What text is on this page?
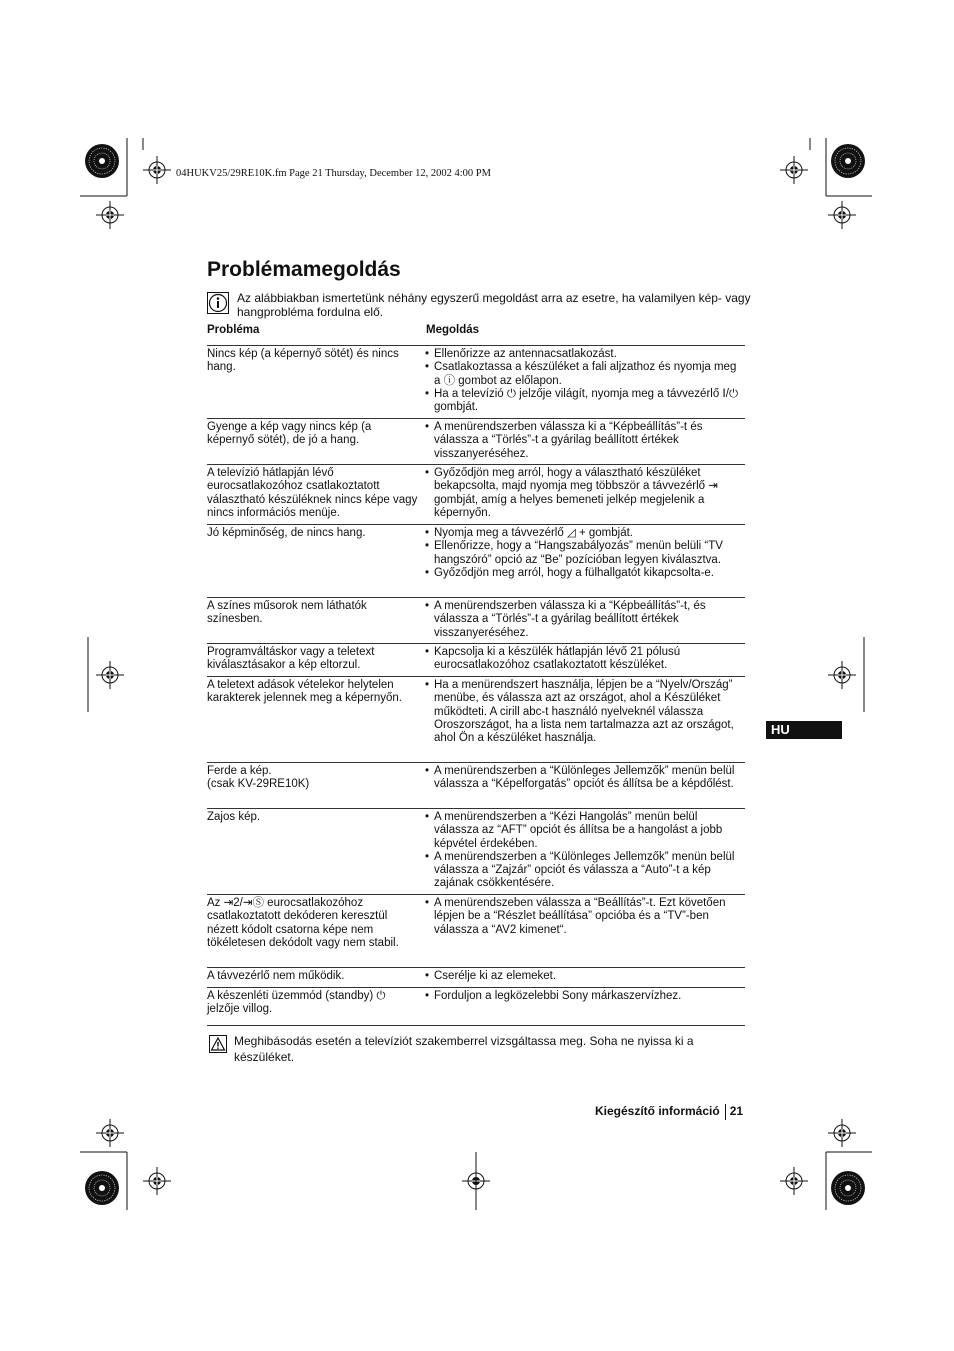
04HUKV25/29RE10K.fm Page 21 Thursday, December 12, 2002 4:00 PM
Problémamegoldás
Az alábbiakban ismertetünk néhány egyszerű megoldást arra az esetre, ha valamilyen kép- vagy hangprobléma fordulna elő.
Probléma	Megoldás
Nincs kép (a képernyő sötét) és nincs hang.
• Ellenőrizze az antennacsatlakozást.
• Csatlakoztassa a készüléket a fali aljzathoz és nyomja meg a ⓘ gombot az előlapon.
• Ha a televízió ⏻ jelzője világít, nyomja meg a távvezérlő Ⅰ/⏻ gombját.
Gyenge a kép vagy nincs kép (a képernyő sötét), de jó a hang.
• A menürendszerben válassza ki a “Képbeállítás”-t és válassza a “Törlés”-t a gyárilag beállított értékek visszanyeréséhez.
A televízió hátlapján lévő eurocsatlakozóhoz csatlakoztatott választható készüléknek nincs képe vagy nincs információs menüje.
• Győződjön meg arról, hogy a választható készüléket bekapcsolta, majd nyomja meg többször a távvezérlő ⇥ gombját, amíg a helyes bemeneti jelkép megjelenik a képernyőn.
Jó képminőség, de nincs hang.	• Nyomja meg a távvezérlő ◿ + gombját.
• Ellenőrizze, hogy a “Hangszabályozás” menün belüli “TV hangszóró” opció az “Be” pozícióban legyen kiválasztva.
• Győződjön meg arról, hogy a fülhallgatót kikapcsolta-e.
A színes műsorok nem láthatók színesben.
• A menürendszerben válassza ki a “Képbeállítás”-t, és válassza a “Törlés”-t a gyárilag beállított értékek visszanyeréséhez.
Programváltáskor vagy a teletext kiválasztásakor a kép eltorzul.
• Kapcsolja ki a készülék hátlapján lévő 21 pólusú eurocsatlakozóhoz csatlakoztatott készüléket.
A teletext adások vételekor helytelen karakterek jelennek meg a képernyőn.
• Ha a menürendszert használja, lépjen be a “Nyelv/Ország” menübe, és válassza azt az országot, ahol a Készüléket működteti. A cirill abc-t használó nyelveknél válassza Oroszországot, ha a lista nem tartalmazza azt az országot, ahol Ön a készüléket használja.
Ferde a kép.
(csak KV-29RE10K)
• A menürendszerben a “Különleges Jellemzők” menün belül válassza a “Képelforgatás” opciót és állítsa be a képdőlést.
Zajos kép.	• A menürendszerben a “Kézi Hangolás” menün belül válassza az “AFT” opciót és állítsa be a hangolást a jobb képvétel érdekében.
• A menürendszerben a “Különleges Jellemzők” menün belül válassza a “Zajzár” opciót és válassza a “Auto”-t a kép zajának csökkentésére.
Az ⇥2/⇥Ⓢ eurocsatlakozóhoz csatlakoztatott dekóderen keresztül nézett kódolt csatorna képe nem tökéletesen dekódolt vagy nem stabil.
• A menürendszeben válassza a “Beállítás”-t. Ezt követően lépjen be a “Részlet beállítása” opcióba és a “TV”-ben válassza a “AV2 kimenet“.
A távvezérlő nem működik.	• Cserélje ki az elemeket.
A készenléti üzemmód (standby) ⏻ jelzője villog.
• Forduljon a legközelebbi Sony márkaszervízhez.
Meghibásodás esetén a televíziót szakemberrel vizsgáltassa meg. Soha ne nyissa ki a készüléket.
HU
Kiegészítő információ 21
